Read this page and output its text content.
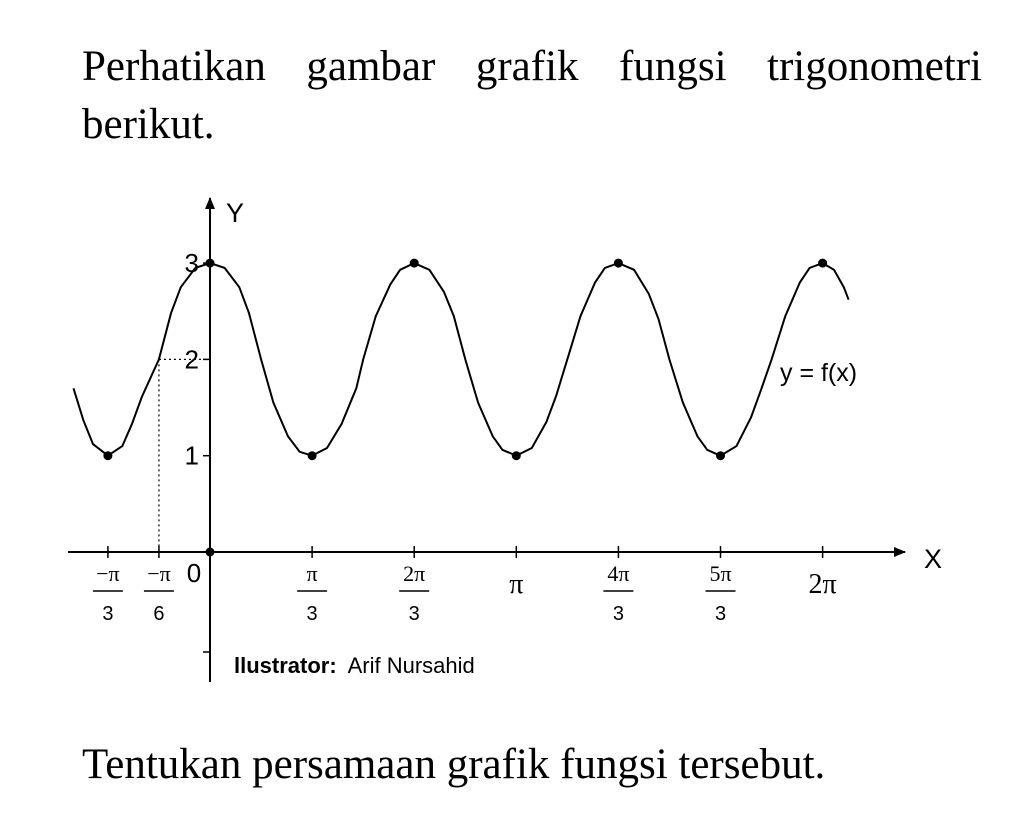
Perhatikan gambar grafik fungsi trigonometri berikut.

Y
X
1
2
3
−π
3
−π
6
0	π
3
2π
3
π	4π
3
5π
3
2π
y = f(x)
llustrator: Arif Nursahid

Tentukan persamaan grafik fungsi tersebut.
